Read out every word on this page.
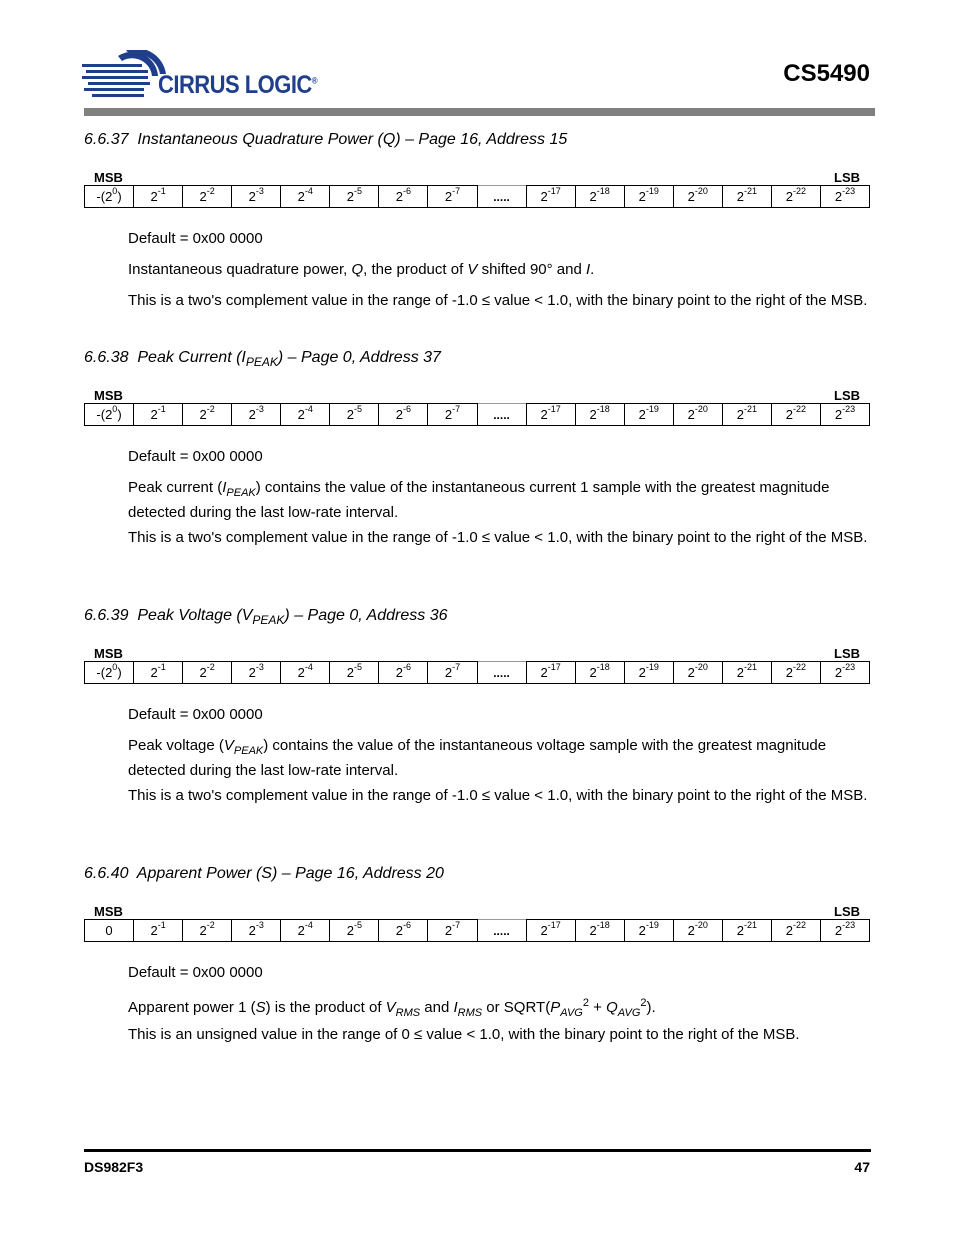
CIRRUS LOGIC®	CS5490
6.6.37 Instantaneous Quadrature Power (Q) – Page 16, Address 15
MSB	LSB
$-(2^0)$	$2^{-1}$	$2^{-2}$	$2^{-3}$	$2^{-4}$	$2^{-5}$	$2^{-6}$	$2^{-7}$	.....	$2^{-17}$	$2^{-18}$	$2^{-19}$	$2^{-20}$	$2^{-21}$	$2^{-22}$	$2^{-23}$
Default = 0x00 0000
Instantaneous quadrature power, Q, the product of V shifted 90° and I.
This is a two's complement value in the range of -1.0 ≤ value < 1.0, with the binary point to the right of the MSB.
6.6.38 Peak Current $(I_{PEAK})$ – Page 0, Address 37
MSB	LSB
$-(2^0)$	$2^{-1}$	$2^{-2}$	$2^{-3}$	$2^{-4}$	$2^{-5}$	$2^{-6}$	$2^{-7}$	.....	$2^{-17}$	$2^{-18}$	$2^{-19}$	$2^{-20}$	$2^{-21}$	$2^{-22}$	$2^{-23}$
Default = 0x00 0000
Peak current $(I_{PEAK})$ contains the value of the instantaneous current 1 sample with the greatest magnitude detected during the last low-rate interval.
This is a two's complement value in the range of -1.0 ≤ value < 1.0, with the binary point to the right of the MSB.
6.6.39 Peak Voltage $(V_{PEAK})$ – Page 0, Address 36
MSB	LSB
$-(2^0)$	$2^{-1}$	$2^{-2}$	$2^{-3}$	$2^{-4}$	$2^{-5}$	$2^{-6}$	$2^{-7}$	.....	$2^{-17}$	$2^{-18}$	$2^{-19}$	$2^{-20}$	$2^{-21}$	$2^{-22}$	$2^{-23}$
Default = 0x00 0000
Peak voltage $(V_{PEAK})$ contains the value of the instantaneous voltage sample with the greatest magnitude detected during the last low-rate interval.
This is a two's complement value in the range of -1.0 ≤ value < 1.0, with the binary point to the right of the MSB.
6.6.40 Apparent Power (S) – Page 16, Address 20
MSB	LSB
0	$2^{-1}$	$2^{-2}$	$2^{-3}$	$2^{-4}$	$2^{-5}$	$2^{-6}$	$2^{-7}$	.....	$2^{-17}$	$2^{-18}$	$2^{-19}$	$2^{-20}$	$2^{-21}$	$2^{-22}$	$2^{-23}$
Default = 0x00 0000
Apparent power 1 (S) is the product of $V_{RMS}$ and $I_{RMS}$ or $SQRT(P_{AVG}^2 + Q_{AVG}^2)$.
This is an unsigned value in the range of 0 ≤ value < 1.0, with the binary point to the right of the MSB.
DS982F3	47
